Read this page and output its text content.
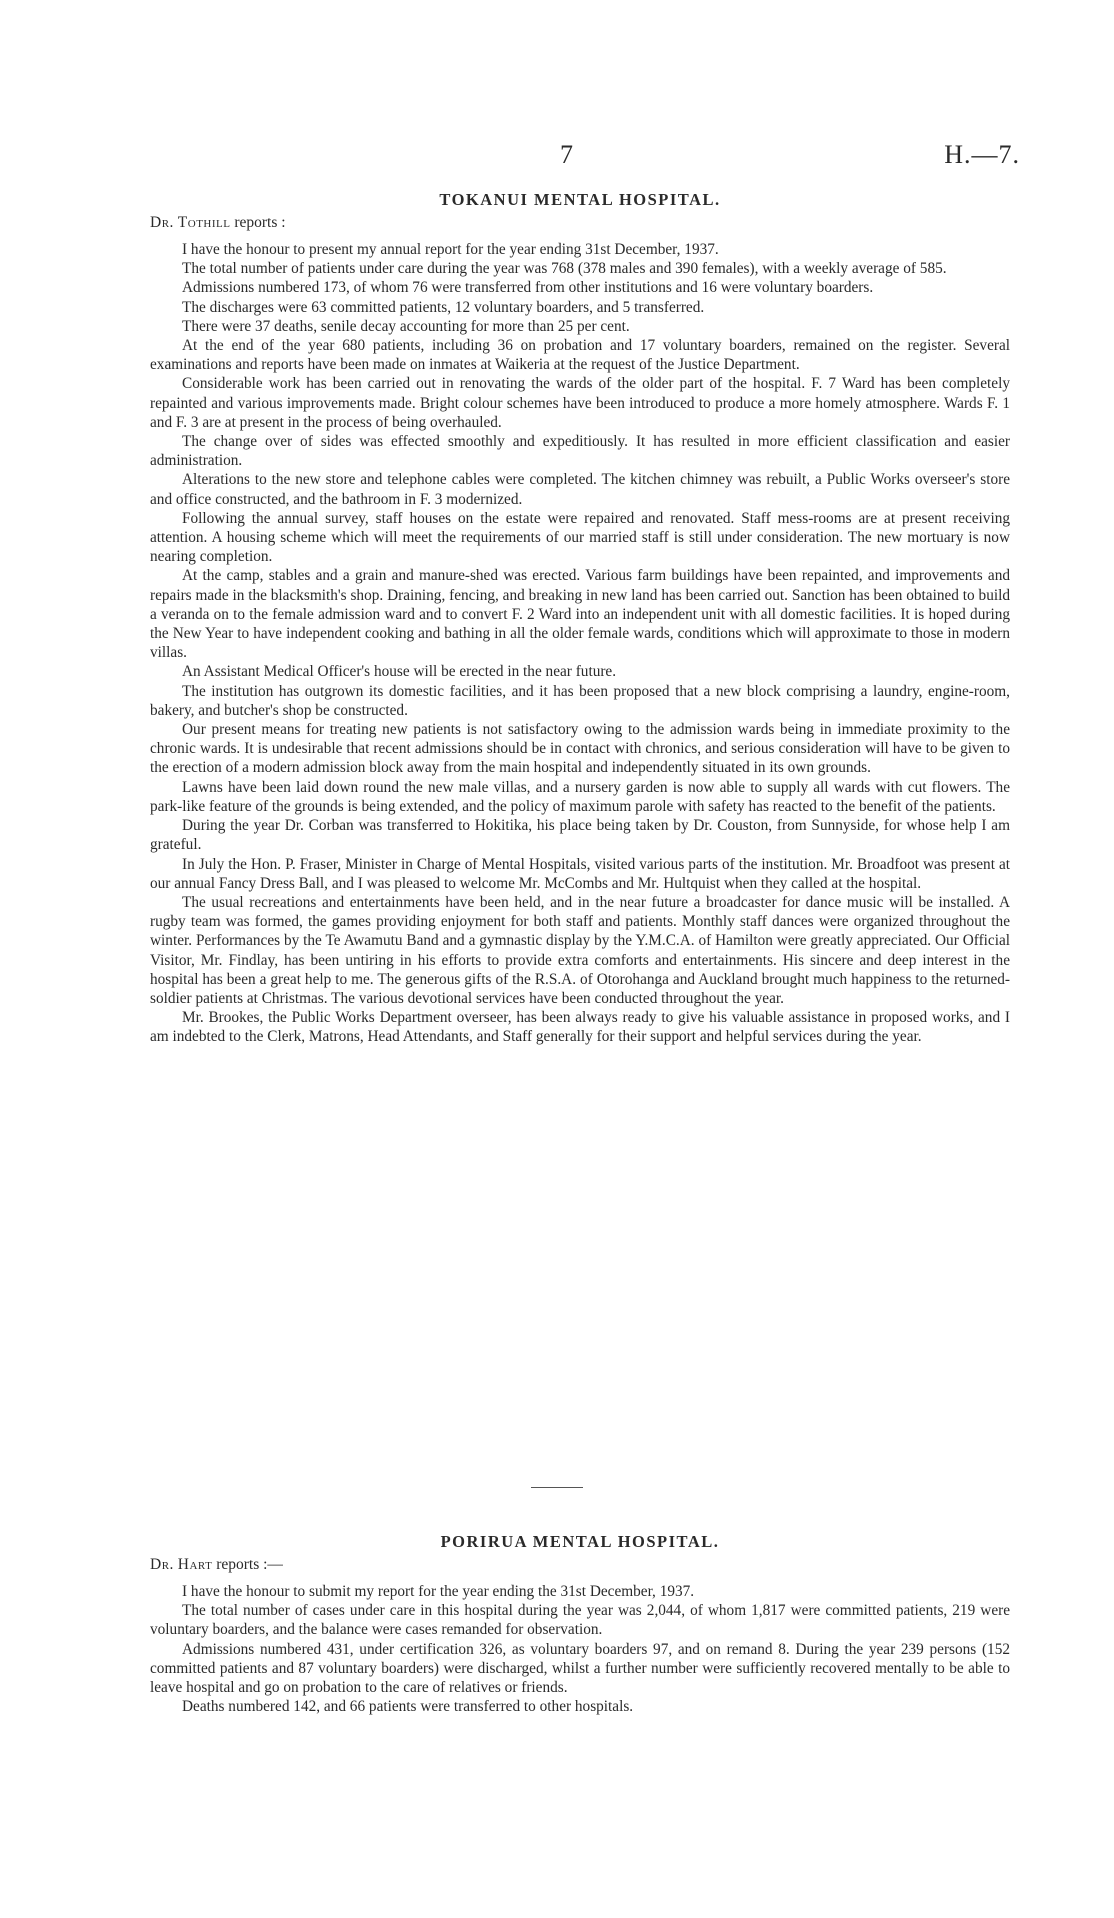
7	H.—7.
TOKANUI MENTAL HOSPITAL.
Dr. Tothill reports :

I have the honour to present my annual report for the year ending 31st December, 1937.

The total number of patients under care during the year was 768 (378 males and 390 females), with a weekly average of 585.

Admissions numbered 173, of whom 76 were transferred from other institutions and 16 were voluntary boarders.

The discharges were 63 committed patients, 12 voluntary boarders, and 5 transferred.

There were 37 deaths, senile decay accounting for more than 25 per cent.

At the end of the year 680 patients, including 36 on probation and 17 voluntary boarders, remained on the register. Several examinations and reports have been made on inmates at Waikeria at the request of the Justice Department.

Considerable work has been carried out in renovating the wards of the older part of the hospital. F. 7 Ward has been completely repainted and various improvements made. Bright colour schemes have been introduced to produce a more homely atmosphere. Wards F. 1 and F. 3 are at present in the process of being overhauled.

The change over of sides was effected smoothly and expeditiously. It has resulted in more efficient classification and easier administration.

Alterations to the new store and telephone cables were completed. The kitchen chimney was rebuilt, a Public Works overseer's store and office constructed, and the bathroom in F. 3 modernized.

Following the annual survey, staff houses on the estate were repaired and renovated. Staff mess-rooms are at present receiving attention. A housing scheme which will meet the requirements of our married staff is still under consideration. The new mortuary is now nearing completion.

At the camp, stables and a grain and manure-shed was erected. Various farm buildings have been repainted, and improvements and repairs made in the blacksmith's shop. Draining, fencing, and breaking in new land has been carried out. Sanction has been obtained to build a veranda on to the female admission ward and to convert F. 2 Ward into an independent unit with all domestic facilities. It is hoped during the New Year to have independent cooking and bathing in all the older female wards, conditions which will approximate to those in modern villas.

An Assistant Medical Officer's house will be erected in the near future.

The institution has outgrown its domestic facilities, and it has been proposed that a new block comprising a laundry, engine-room, bakery, and butcher's shop be constructed.

Our present means for treating new patients is not satisfactory owing to the admission wards being in immediate proximity to the chronic wards. It is undesirable that recent admissions should be in contact with chronics, and serious consideration will have to be given to the erection of a modern admission block away from the main hospital and independently situated in its own grounds.

Lawns have been laid down round the new male villas, and a nursery garden is now able to supply all wards with cut flowers. The park-like feature of the grounds is being extended, and the policy of maximum parole with safety has reacted to the benefit of the patients.

During the year Dr. Corban was transferred to Hokitika, his place being taken by Dr. Couston, from Sunnyside, for whose help I am grateful.

In July the Hon. P. Fraser, Minister in Charge of Mental Hospitals, visited various parts of the institution. Mr. Broadfoot was present at our annual Fancy Dress Ball, and I was pleased to welcome Mr. McCombs and Mr. Hultquist when they called at the hospital.

The usual recreations and entertainments have been held, and in the near future a broadcaster for dance music will be installed. A rugby team was formed, the games providing enjoyment for both staff and patients. Monthly staff dances were organized throughout the winter. Performances by the Te Awamutu Band and a gymnastic display by the Y.M.C.A. of Hamilton were greatly appreciated. Our Official Visitor, Mr. Findlay, has been untiring in his efforts to provide extra comforts and entertainments. His sincere and deep interest in the hospital has been a great help to me. The generous gifts of the R.S.A. of Otorohanga and Auckland brought much happiness to the returned-soldier patients at Christmas. The various devotional services have been conducted throughout the year.

Mr. Brookes, the Public Works Department overseer, has been always ready to give his valuable assistance in proposed works, and I am indebted to the Clerk, Matrons, Head Attendants, and Staff generally for their support and helpful services during the year.

PORIRUA MENTAL HOSPITAL.
Dr. Hart reports :—

I have the honour to submit my report for the year ending the 31st December, 1937.

The total number of cases under care in this hospital during the year was 2,044, of whom 1,817 were committed patients, 219 were voluntary boarders, and the balance were cases remanded for observation.

Admissions numbered 431, under certification 326, as voluntary boarders 97, and on remand 8. During the year 239 persons (152 committed patients and 87 voluntary boarders) were discharged, whilst a further number were sufficiently recovered mentally to be able to leave hospital and go on probation to the care of relatives or friends.

Deaths numbered 142, and 66 patients were transferred to other hospitals.
